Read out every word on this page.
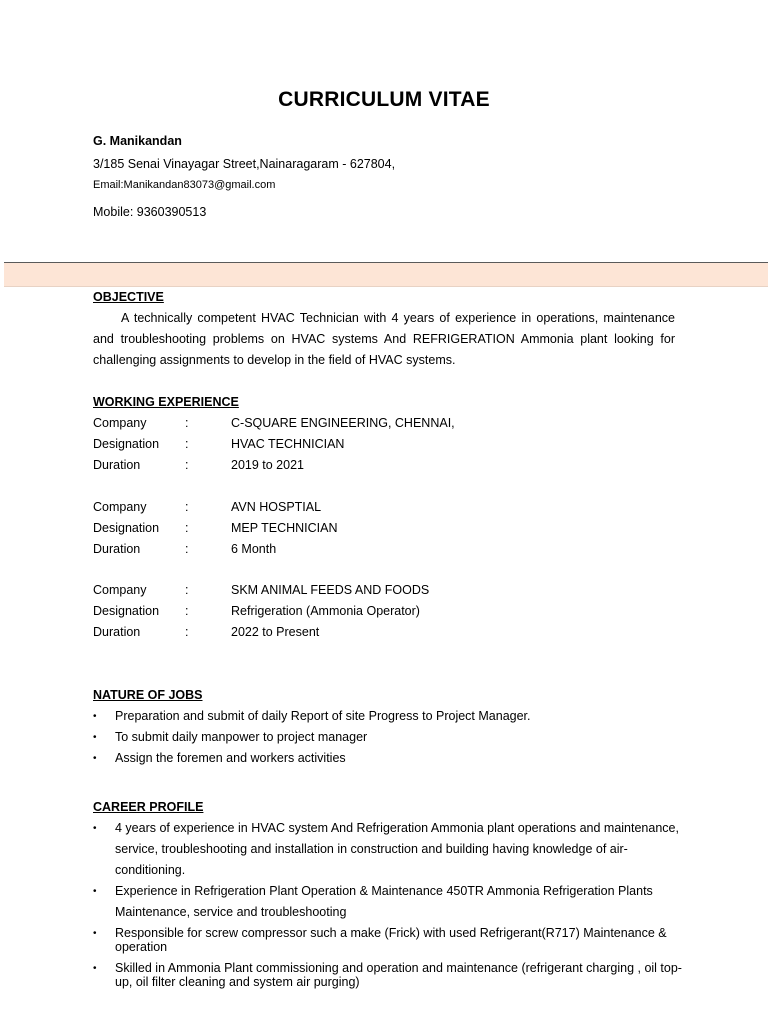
CURRICULUM VITAE
G. Manikandan
3/185 Senai Vinayagar Street,Nainaragaram - 627804,
Email:Manikandan83073@gmail.com
Mobile: 9360390513
OBJECTIVE
A technically competent HVAC Technician with 4 years of experience in operations, maintenance and troubleshooting problems on HVAC systems And REFRIGERATION Ammonia plant looking for challenging assignments to develop in the field of HVAC systems.
WORKING EXPERIENCE
Company	:	C-SQUARE ENGINEERING, CHENNAI,
Designation :	HVAC TECHNICIAN
Duration	:	2019 to 2021
Company	:	AVN HOSPTIAL
Designation :	MEP TECHNICIAN
Duration	:	6 Month
Company	:	SKM ANIMAL FEEDS AND FOODS
Designation :	Refrigeration (Ammonia Operator)
Duration	:	2022 to Present
NATURE OF JOBS
• Preparation and submit of daily Report of site Progress to Project Manager.
• To submit daily manpower to project manager
• Assign the foremen and workers activities
CAREER PROFILE
• 4 years of experience in HVAC system And Refrigeration Ammonia plant operations and maintenance, service, troubleshooting and installation in construction and building having knowledge of air-conditioning.
• Experience in Refrigeration Plant Operation & Maintenance 450TR Ammonia Refrigeration Plants Maintenance, service and troubleshooting
• Responsible for screw compressor such a make (Frick) with used Refrigerant(R717) Maintenance & operation
• Skilled in Ammonia Plant commissioning and operation and maintenance (refrigerant charging , oil top-up, oil filter cleaning and system air purging)
